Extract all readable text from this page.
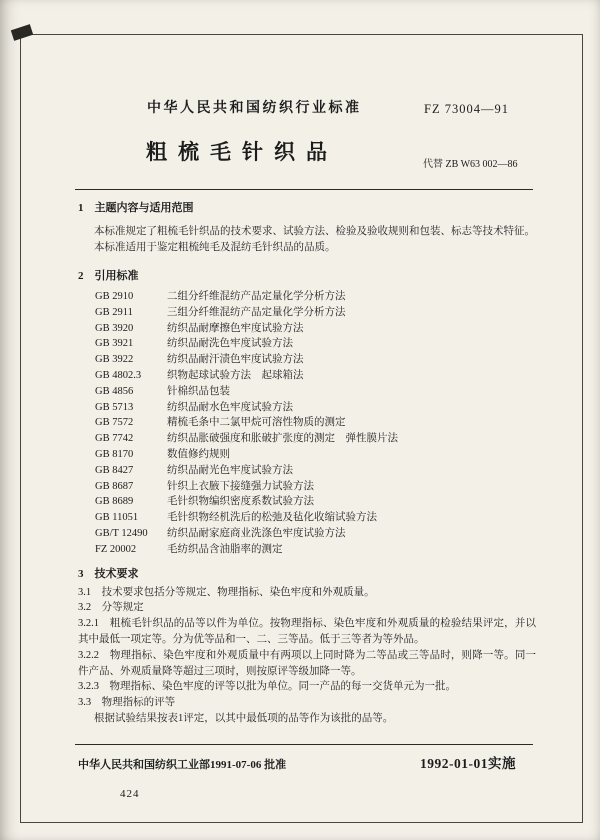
中华人民共和国纺织行业标准	FZ 73004—91
粗梳毛针织品
代替 ZB W63 002—86

1　主题内容与适用范围

本标准规定了粗梳毛针织品的技术要求、试验方法、检验及验收规则和包装、标志等技术特征。

本标准适用于鉴定粗梳纯毛及混纺毛针织品的品质。

2　引用标准

GB 2910	二组分纤维混纺产品定量化学分析方法
GB 2911	三组分纤维混纺产品定量化学分析方法
GB 3920	纺织品耐摩擦色牢度试验方法
GB 3921	纺织品耐洗色牢度试验方法
GB 3922	纺织品耐汗渍色牢度试验方法
GB 4802.3	织物起球试验方法　起球箱法
GB 4856	针棉织品包装
GB 5713	纺织品耐水色牢度试验方法
GB 7572	精梳毛条中二氯甲烷可溶性物质的测定
GB 7742	纺织品胀破强度和胀破扩张度的测定　弹性膜片法
GB 8170	数值修约规则
GB 8427	纺织品耐光色牢度试验方法
GB 8687	针织上衣腋下接缝强力试验方法
GB 8689	毛针织物编织密度系数试验方法
GB 11051	毛针织物经机洗后的松弛及毡化收缩试验方法
GB/T 12490	纺织品耐家庭商业洗涤色牢度试验方法
FZ 20002	毛纺织品含油脂率的测定

3　技术要求

3.1　技术要求包括分等规定、物理指标、染色牢度和外观质量。

3.2　分等规定

3.2.1　粗梳毛针织品的品等以件为单位。按物理指标、染色牢度和外观质量的检验结果评定，并以其中最低一项定等。分为优等品和一、二、三等品。低于三等者为等外品。

3.2.2　物理指标、染色牢度和外观质量中有两项以上同时降为二等品或三等品时，则降一等。同一件产品、外观质量降等超过三项时，则按原评等级加降一等。

3.2.3　物理指标、染色牢度的评等以批为单位。同一产品的每一交货单元为一批。

3.3　物理指标的评等

根据试验结果按表1评定，以其中最低项的品等作为该批的品等。

中华人民共和国纺织工业部1991-07-06 批准	1992-01-01实施
424
